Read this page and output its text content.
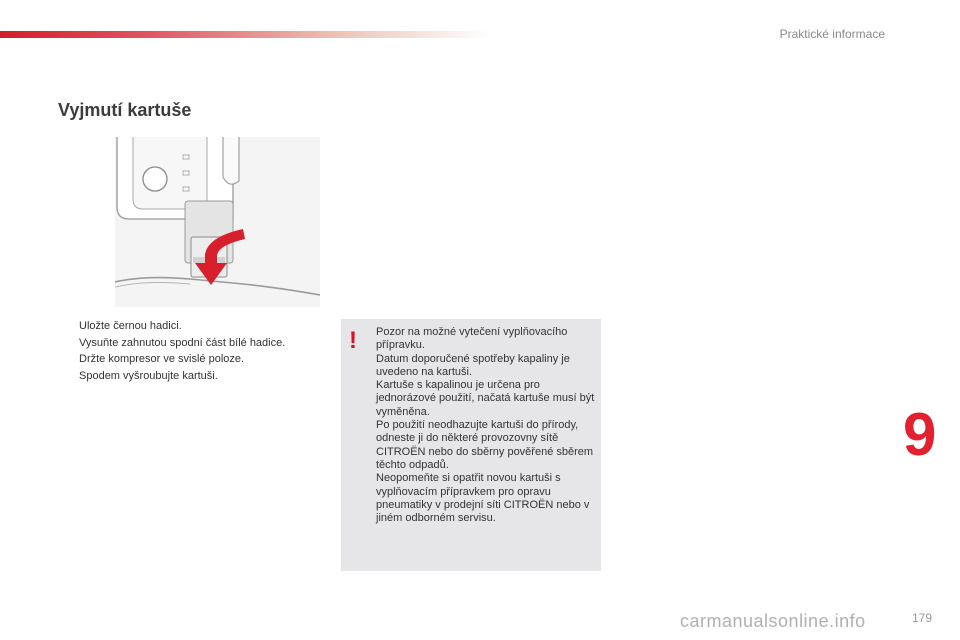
Praktické informace
Vyjmutí kartuše
Uložte černou hadici.
Vysuňte zahnutou spodní část bílé hadice.
Držte kompresor ve svislé poloze.
Spodem vyšroubujte kartuši.
! Pozor na možné vytečení vyplňovacího přípravku.
Datum doporučené spotřeby kapaliny je uvedeno na kartuši.
Kartuše s kapalinou je určena pro jednorázové použití, načatá kartuše musí být vyměněna.
Po použití neodhazujte kartuši do přírody, odneste ji do některé provozovny sítě CITROËN nebo do sběrny pověřené sběrem těchto odpadů.
Neopomeňte si opatřit novou kartuši s vyplňovacím přípravkem pro opravu pneumatiky v prodejní síti CITROËN nebo v jiném odborném servisu.

9
carmanualsonline.info	179
